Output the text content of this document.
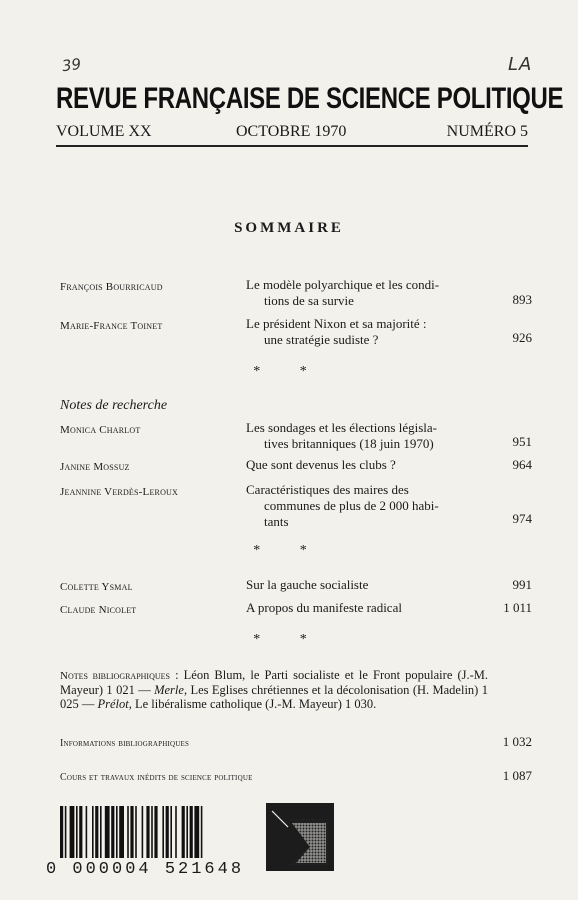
39	LA
REVUE FRANÇAISE DE SCIENCE POLITIQUE
VOLUME XX	OCTOBRE 1970	NUMÉRO 5
SOMMAIRE
François Bourricaud	Le modèle polyarchique et les condi-
tions de sa survie	893
Marie-France Toinet	Le président Nixon et sa majorité :
une stratégie sudiste ?	926
* *
Notes de recherche
Monica Charlot	Les sondages et les élections législa-
tives britanniques (18 juin 1970)	951
Janine Mossuz	Que sont devenus les clubs ?	964
Jeannine Verdès-Leroux	Caractéristiques des maires des
communes de plus de 2 000 habi-
tants	974
* *
Colette Ysmal	Sur la gauche socialiste	991
Claude Nicolet	A propos du manifeste radical	1 011
* *
Notes bibliographiques : Léon Blum, le Parti socialiste et le Front populaire (J.-M. Mayeur) 1 021 — Merle, Les Eglises chrétiennes et la décolonisation (H. Madelin) 1 025 — Prélot, Le libéralisme catholique (J.-M. Mayeur) 1 030.
Informations bibliographiques	1 032
Cours et travaux inédits de science politique	1 087
0 000004 521648
